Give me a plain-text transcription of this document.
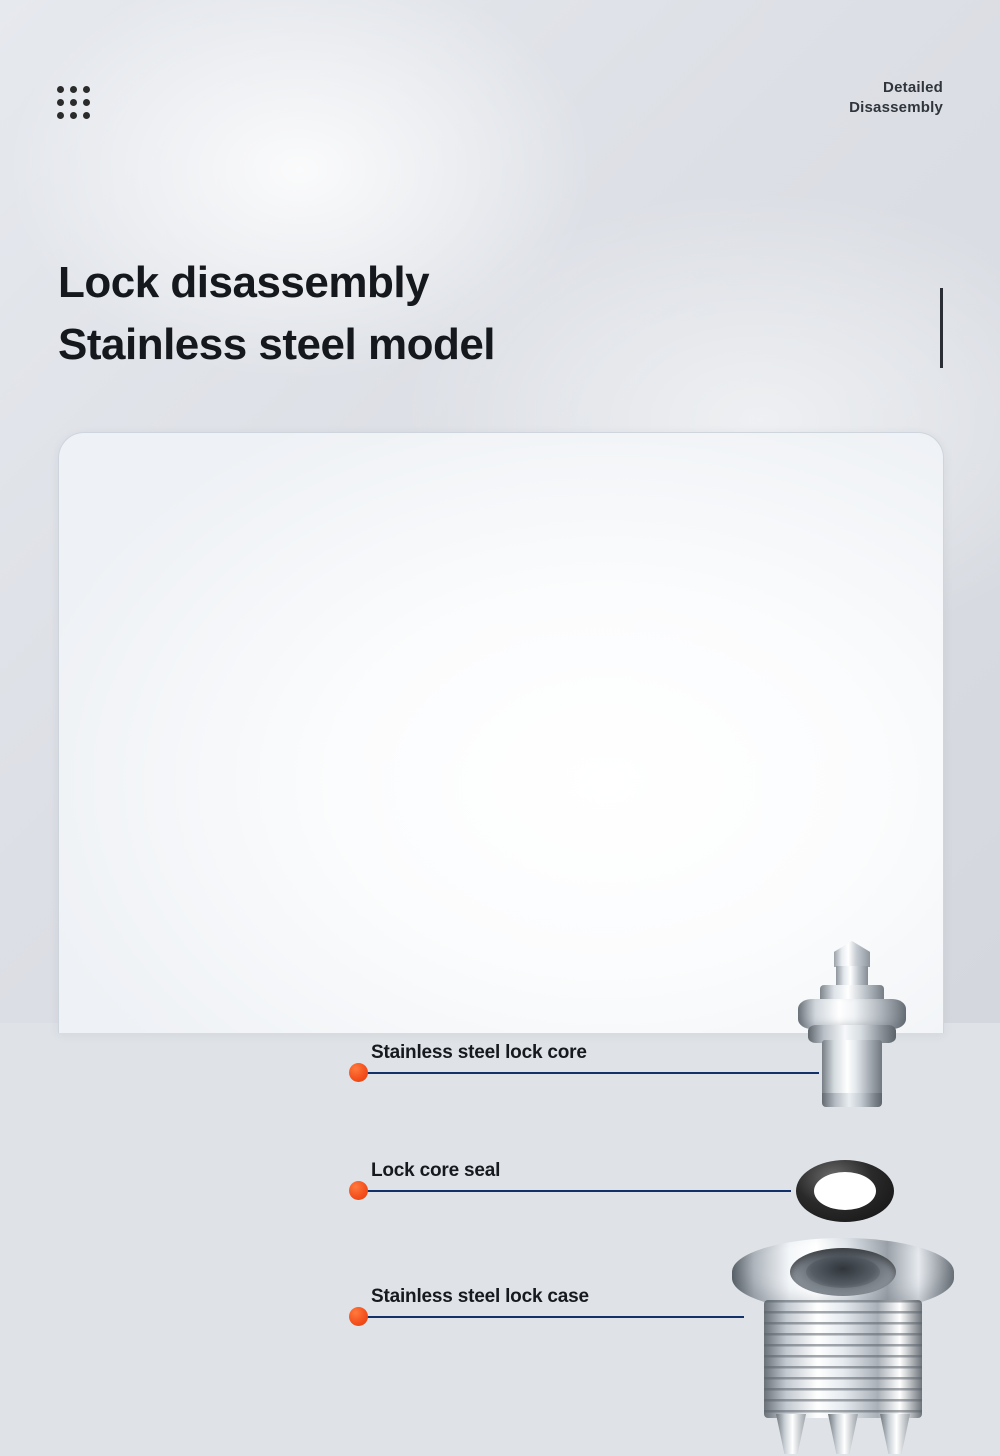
Detailed
Disassembly
Lock disassembly
Stainless steel model
Stainless steel lock core
Lock core seal
Stainless steel lock case
